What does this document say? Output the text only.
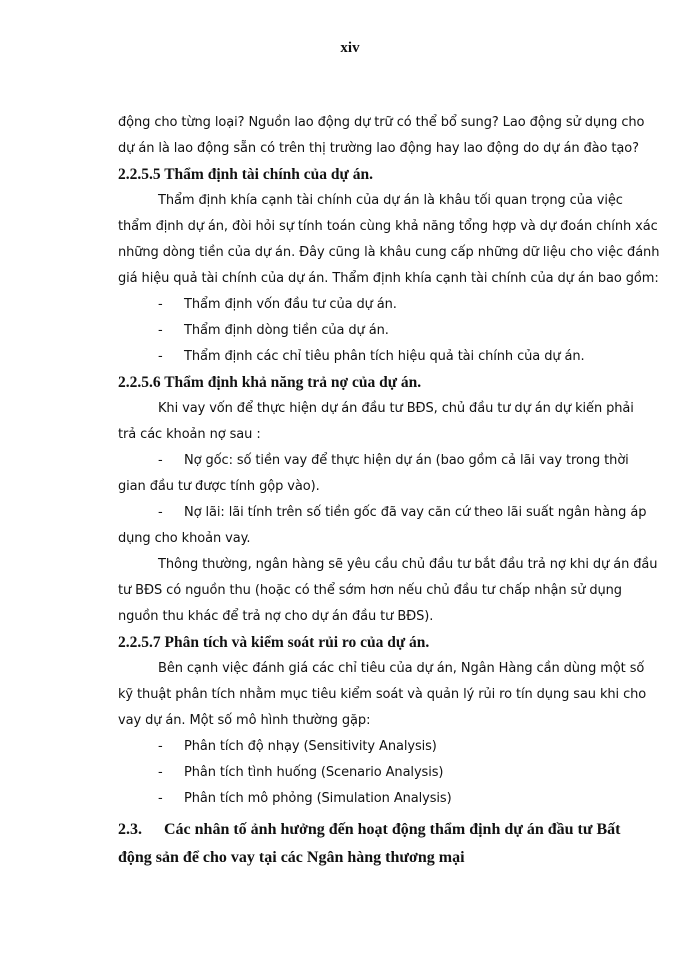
xiv
động cho từng loại? Nguồn lao động dự trữ có thể bổ sung? Lao động sử dụng cho
dự án là lao động sẵn có trên thị trường lao động hay lao động do dự án đào tạo?
2.2.5.5 Thẩm định tài chính của dự án.
Thẩm định khía cạnh tài chính của dự án là khâu tối quan trọng của việc
thẩm định dự án, đòi hỏi sự tính toán cùng khả năng tổng hợp và dự đoán chính xác
những dòng tiền của dự án. Đây cũng là khâu cung cấp những dữ liệu cho việc đánh
giá hiệu quả tài chính của dự án. Thẩm định khía cạnh tài chính của dự án bao gồm:
- Thẩm định vốn đầu tư của dự án.
- Thẩm định dòng tiền của dự án.
- Thẩm định các chỉ tiêu phân tích hiệu quả tài chính của dự án.
2.2.5.6 Thẩm định khả năng trả nợ của dự án.
Khi vay vốn để thực hiện dự án đầu tư BĐS, chủ đầu tư dự án dự kiến phải
trả các khoản nợ sau :
- Nợ gốc: số tiền vay để thực hiện dự án (bao gồm cả lãi vay trong thời
gian đầu tư được tính gộp vào).
- Nợ lãi: lãi tính trên số tiền gốc đã vay căn cứ theo lãi suất ngân hàng áp
dụng cho khoản vay.
Thông thường, ngân hàng sẽ yêu cầu chủ đầu tư bắt đầu trả nợ khi dự án đầu
tư BĐS có nguồn thu (hoặc có thể sớm hơn nếu chủ đầu tư chấp nhận sử dụng
nguồn thu khác để trả nợ cho dự án đầu tư BĐS).
2.2.5.7 Phân tích và kiểm soát rủi ro của dự án.
Bên cạnh việc đánh giá các chỉ tiêu của dự án, Ngân Hàng cần dùng một số
kỹ thuật phân tích nhằm mục tiêu kiểm soát và quản lý rủi ro tín dụng sau khi cho
vay dự án. Một số mô hình thường gặp:
- Phân tích độ nhạy (Sensitivity Analysis)
- Phân tích tình huống (Scenario Analysis)
- Phân tích mô phỏng (Simulation Analysis)
2.3. Các nhân tố ảnh hưởng đến hoạt động thẩm định dự án đầu tư Bất
động sản để cho vay tại các Ngân hàng thương mại
